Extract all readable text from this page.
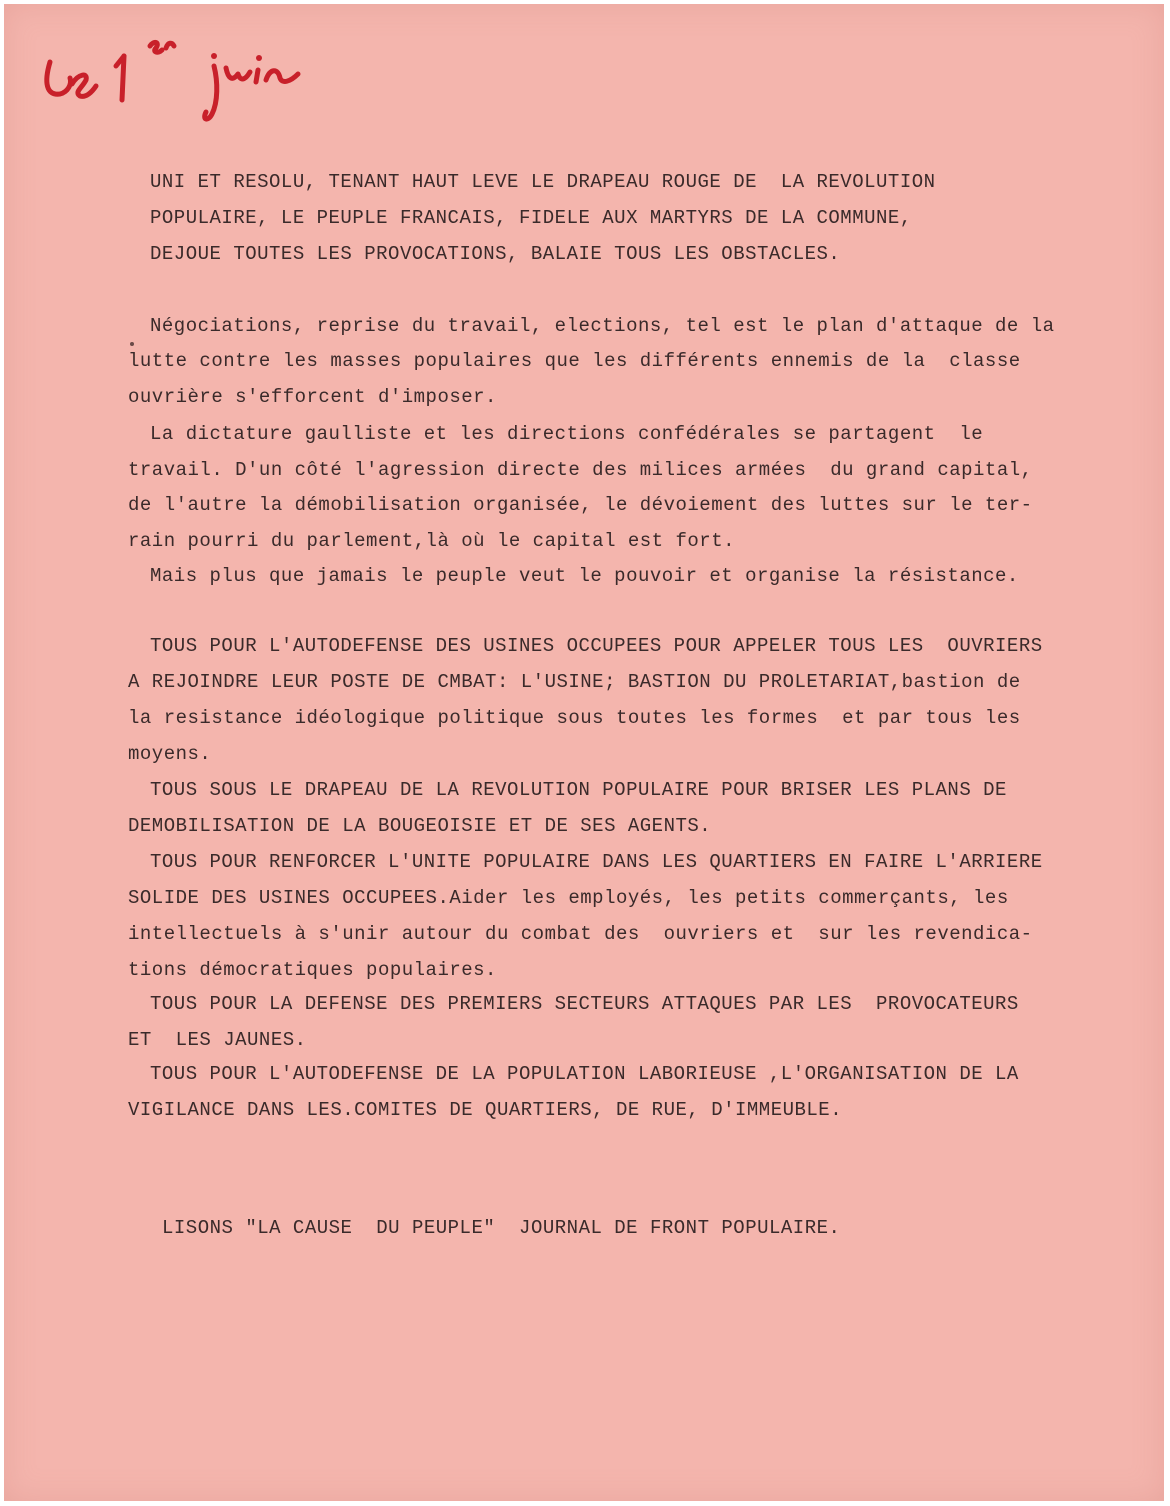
Le 1er juin
UNI ET RESOLU, TENANT HAUT LEVE LE DRAPEAU ROUGE DE  LA REVOLUTION
POPULAIRE, LE PEUPLE FRANCAIS, FIDELE AUX MARTYRS DE LA COMMUNE,
DEJOUE TOUTES LES PROVOCATIONS, BALAIE TOUS LES OBSTACLES.
Négociations, reprise du travail, elections, tel est le plan d'attaque de la
lutte contre les masses populaires que les différents ennemis de la  classe
ouvrière s'efforcent d'imposer.
La dictature gaulliste et les directions confédérales se partagent  le
travail. D'un côté l'agression directe des milices armées  du grand capital,
de l'autre la démobilisation organisée, le dévoiement des luttes sur le ter-
rain pourri du parlement,là où le capital est fort.
Mais plus que jamais le peuple veut le pouvoir et organise la résistance.
TOUS POUR L'AUTODEFENSE DES USINES OCCUPEES POUR APPELER TOUS LES  OUVRIERS
A REJOINDRE LEUR POSTE DE CMBAT: L'USINE; BASTION DU PROLETARIAT,bastion de
la resistance idéologique politique sous toutes les formes  et par tous les
moyens.
TOUS SOUS LE DRAPEAU DE LA REVOLUTION POPULAIRE POUR BRISER LES PLANS DE
DEMOBILISATION DE LA BOUGEOISIE ET DE SES AGENTS.
TOUS POUR RENFORCER L'UNITE POPULAIRE DANS LES QUARTIERS EN FAIRE L'ARRIERE
SOLIDE DES USINES OCCUPEES.Aider les employés, les petits commerçants, les
intellectuels à s'unir autour du combat des  ouvriers et  sur les revendica-
tions démocratiques populaires.
TOUS POUR LA DEFENSE DES PREMIERS SECTEURS ATTAQUES PAR LES  PROVOCATEURS
ET  LES JAUNES.
TOUS POUR L'AUTODEFENSE DE LA POPULATION LABORIEUSE ,L'ORGANISATION DE LA
VIGILANCE DANS LES.COMITES DE QUARTIERS, DE RUE, D'IMMEUBLE.
LISONS "LA CAUSE  DU PEUPLE"  JOURNAL DE FRONT POPULAIRE.
